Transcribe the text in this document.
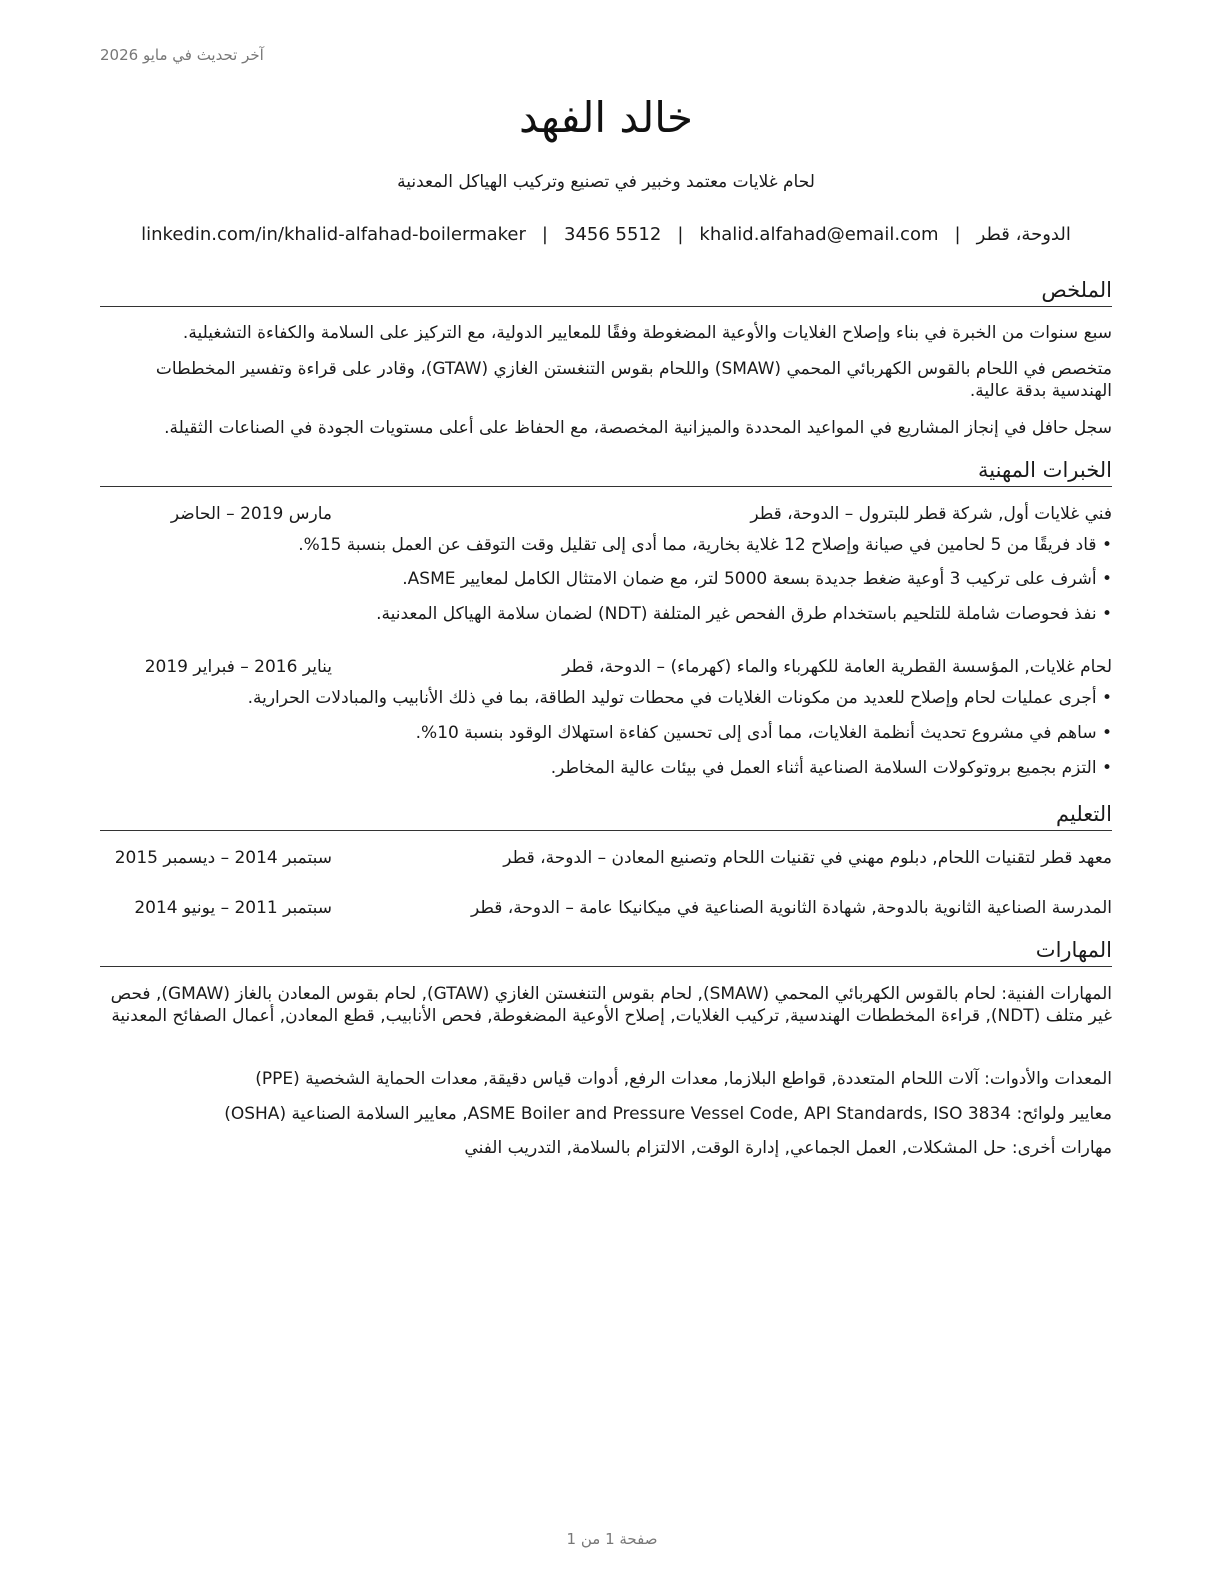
آخر تحديث في مايو 2026
خالد الفهد
لحام غلايات معتمد وخبير في تصنيع وتركيب الهياكل المعدنية
الدوحة، قطر|khalid.alfahad@email.com|3456 5512|linkedin.com/in/khalid-alfahad-boilermaker
الملخص
سبع سنوات من الخبرة في بناء وإصلاح الغلايات والأوعية المضغوطة وفقًا للمعايير الدولية، مع التركيز على السلامة والكفاءة التشغيلية.
متخصص في اللحام بالقوس الكهربائي المحمي (SMAW) واللحام بقوس التنغستن الغازي (GTAW)، وقادر على قراءة وتفسير المخططات الهندسية بدقة عالية.
سجل حافل في إنجاز المشاريع في المواعيد المحددة والميزانية المخصصة، مع الحفاظ على أعلى مستويات الجودة في الصناعات الثقيلة.
الخبرات المهنية
فني غلايات أول, شركة قطر للبترول – الدوحة، قطر
مارس 2019 – الحاضر
• قاد فريقًا من 5 لحامين في صيانة وإصلاح 12 غلاية بخارية، مما أدى إلى تقليل وقت التوقف عن العمل بنسبة 15%.
• أشرف على تركيب 3 أوعية ضغط جديدة بسعة 5000 لتر، مع ضمان الامتثال الكامل لمعايير ASME.
• نفذ فحوصات شاملة للتلحيم باستخدام طرق الفحص غير المتلفة (NDT) لضمان سلامة الهياكل المعدنية.
لحام غلايات, المؤسسة القطرية العامة للكهرباء والماء (كهرماء) – الدوحة، قطر
يناير 2016 – فبراير 2019
• أجرى عمليات لحام وإصلاح للعديد من مكونات الغلايات في محطات توليد الطاقة، بما في ذلك الأنابيب والمبادلات الحرارية.
• ساهم في مشروع تحديث أنظمة الغلايات، مما أدى إلى تحسين كفاءة استهلاك الوقود بنسبة 10%.
• التزم بجميع بروتوكولات السلامة الصناعية أثناء العمل في بيئات عالية المخاطر.
التعليم
معهد قطر لتقنيات اللحام, دبلوم مهني في تقنيات اللحام وتصنيع المعادن – الدوحة، قطر
سبتمبر 2014 – ديسمبر 2015
المدرسة الصناعية الثانوية بالدوحة, شهادة الثانوية الصناعية في ميكانيكا عامة – الدوحة، قطر
سبتمبر 2011 – يونيو 2014
المهارات
المهارات الفنية: لحام بالقوس الكهربائي المحمي (SMAW), لحام بقوس التنغستن الغازي (GTAW), لحام بقوس المعادن بالغاز (GMAW), فحص غير متلف (NDT), قراءة المخططات الهندسية, تركيب الغلايات, إصلاح الأوعية المضغوطة, فحص الأنابيب, قطع المعادن, أعمال الصفائح المعدنية
المعدات والأدوات: آلات اللحام المتعددة, قواطع البلازما, معدات الرفع, أدوات قياس دقيقة, معدات الحماية الشخصية (PPE)
معايير ولوائح: ASME Boiler and Pressure Vessel Code, API Standards, ISO 3834, معايير السلامة الصناعية (OSHA)
مهارات أخرى: حل المشكلات, العمل الجماعي, إدارة الوقت, الالتزام بالسلامة, التدريب الفني
صفحة 1 من 1
